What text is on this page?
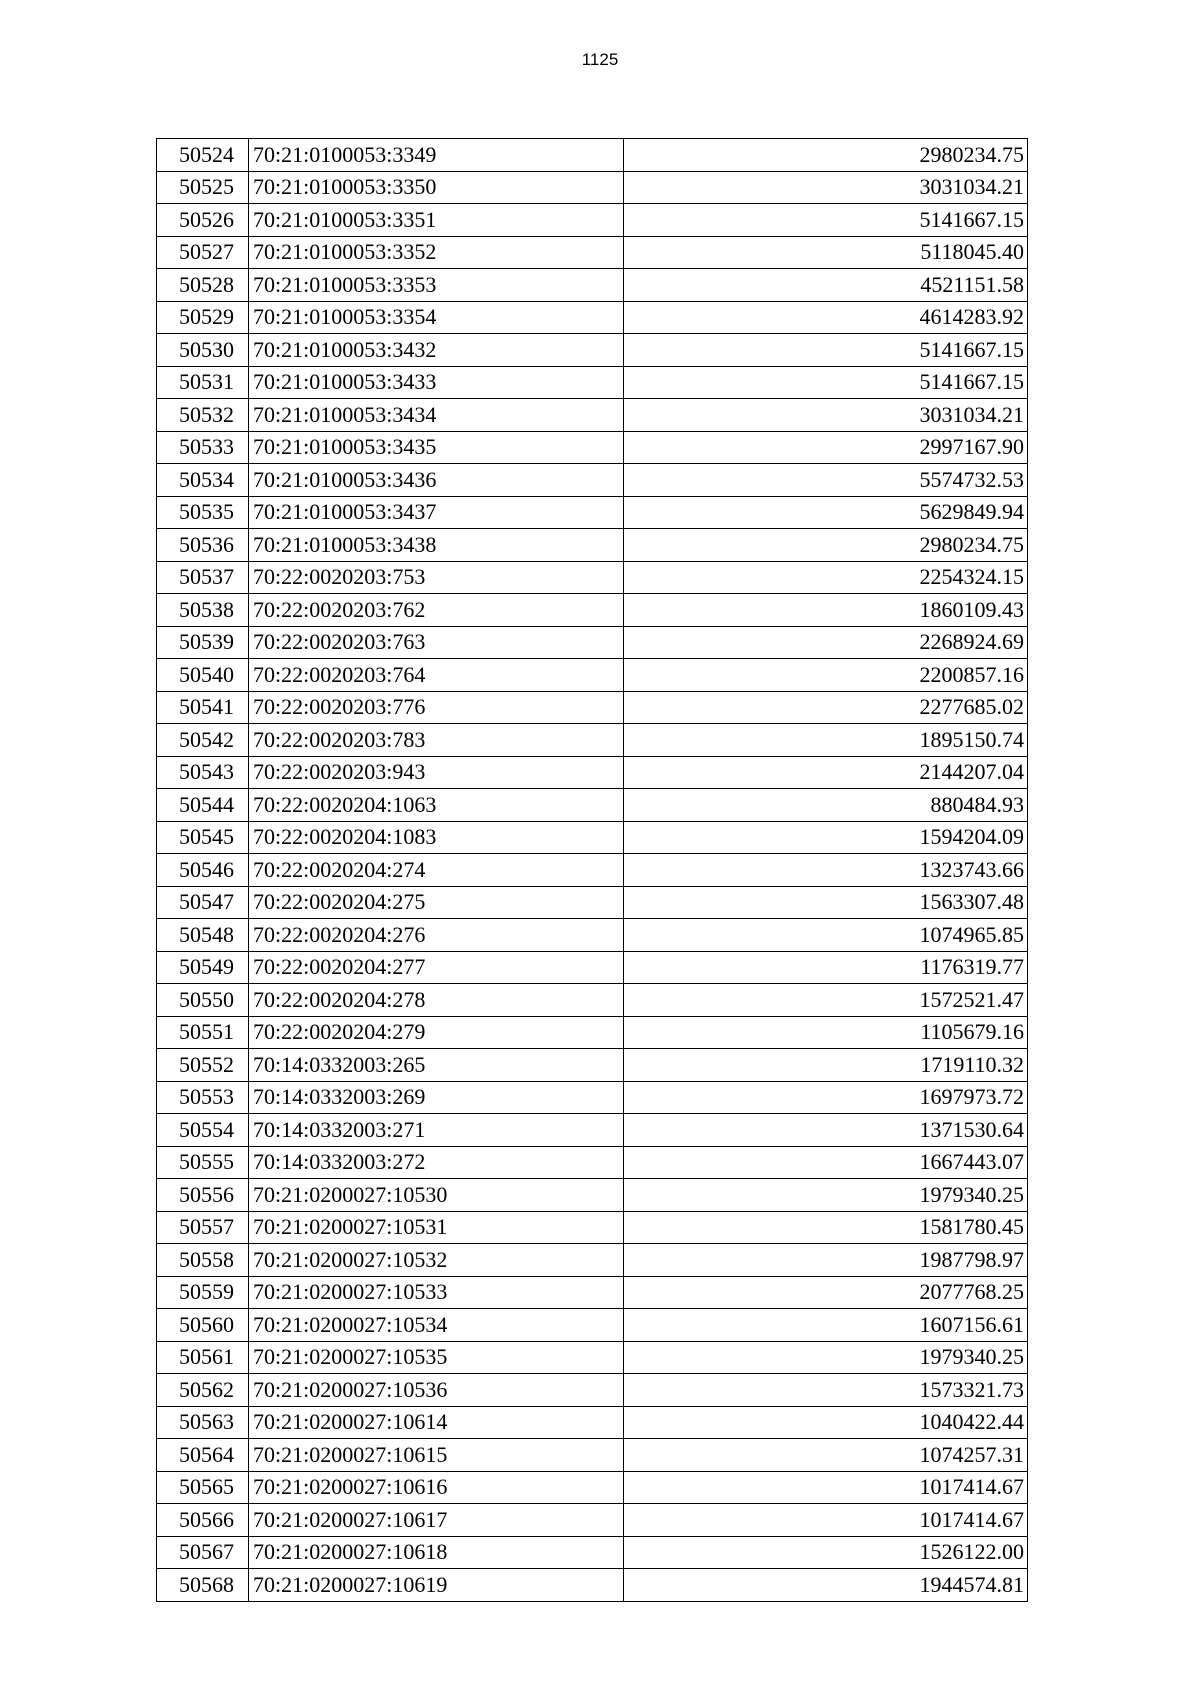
1125
50524	70:21:0100053:3349	2980234.75
50525	70:21:0100053:3350	3031034.21
50526	70:21:0100053:3351	5141667.15
50527	70:21:0100053:3352	5118045.40
50528	70:21:0100053:3353	4521151.58
50529	70:21:0100053:3354	4614283.92
50530	70:21:0100053:3432	5141667.15
50531	70:21:0100053:3433	5141667.15
50532	70:21:0100053:3434	3031034.21
50533	70:21:0100053:3435	2997167.90
50534	70:21:0100053:3436	5574732.53
50535	70:21:0100053:3437	5629849.94
50536	70:21:0100053:3438	2980234.75
50537	70:22:0020203:753	2254324.15
50538	70:22:0020203:762	1860109.43
50539	70:22:0020203:763	2268924.69
50540	70:22:0020203:764	2200857.16
50541	70:22:0020203:776	2277685.02
50542	70:22:0020203:783	1895150.74
50543	70:22:0020203:943	2144207.04
50544	70:22:0020204:1063	880484.93
50545	70:22:0020204:1083	1594204.09
50546	70:22:0020204:274	1323743.66
50547	70:22:0020204:275	1563307.48
50548	70:22:0020204:276	1074965.85
50549	70:22:0020204:277	1176319.77
50550	70:22:0020204:278	1572521.47
50551	70:22:0020204:279	1105679.16
50552	70:14:0332003:265	1719110.32
50553	70:14:0332003:269	1697973.72
50554	70:14:0332003:271	1371530.64
50555	70:14:0332003:272	1667443.07
50556	70:21:0200027:10530	1979340.25
50557	70:21:0200027:10531	1581780.45
50558	70:21:0200027:10532	1987798.97
50559	70:21:0200027:10533	2077768.25
50560	70:21:0200027:10534	1607156.61
50561	70:21:0200027:10535	1979340.25
50562	70:21:0200027:10536	1573321.73
50563	70:21:0200027:10614	1040422.44
50564	70:21:0200027:10615	1074257.31
50565	70:21:0200027:10616	1017414.67
50566	70:21:0200027:10617	1017414.67
50567	70:21:0200027:10618	1526122.00
50568	70:21:0200027:10619	1944574.81
